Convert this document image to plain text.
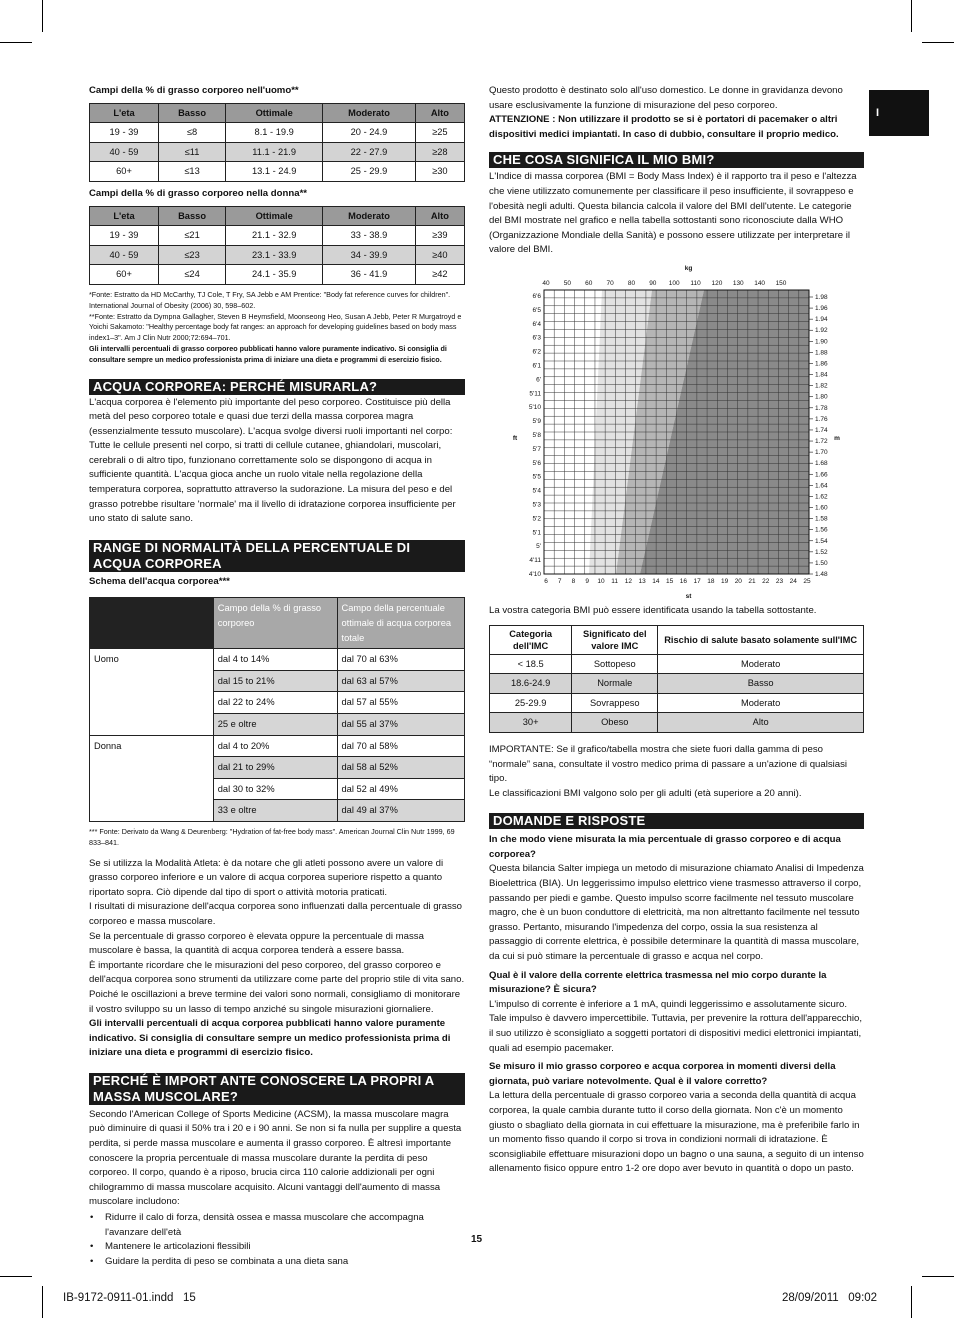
I

Campi della % di grasso corporeo nell'uomo**

L'eta	Basso	Ottimale	Moderato	Alto
19 - 39	≤8	8.1 - 19.9	20 - 24.9	≥25
40 - 59	≤11	11.1 - 21.9	22 - 27.9	≥28
60+	≤13	13.1 - 24.9	25 - 29.9	≥30

Campi della % di grasso corporeo nella donna**

L'eta	Basso	Ottimale	Moderato	Alto
19 - 39	≤21	21.1 - 32.9	33 - 38.9	≥39
40 - 59	≤23	23.1 - 33.9	34 - 39.9	≥40
60+	≤24	24.1 - 35.9	36 - 41.9	≥42

*Fonte: Estratto da HD McCarthy, TJ Cole, T Fry, SA Jebb e AM Prentice: "Body fat reference curves for children". International Journal of Obesity (2006) 30, 598–602.

**Fonte: Estratto da Dympna Gallagher, Steven B Heymsfield, Moonseong Heo, Susan A Jebb, Peter R Murgatroyd e Yoichi Sakamoto: "Healthy percentage body fat ranges: an approach for developing guidelines based on body mass index1–3". Am J Clin Nutr 2000;72:694–701.

Gli intervalli percentuali di grasso corporeo pubblicati hanno valore puramente indicativo. Si consiglia di consultare sempre un medico professionista prima di iniziare una dieta e programmi di esercizio fisico.

ACQUA CORPOREA: PERCHÉ MISURARLA?

L'acqua corporea è l'elemento più importante del peso corporeo. Costituisce più della metà del peso corporeo totale e quasi due terzi della massa corporea magra (essenzialmente tessuto muscolare). L'acqua svolge diversi ruoli importanti nel corpo: Tutte le cellule presenti nel corpo, si tratti di cellule cutanee, ghiandolari, muscolari, cerebrali o di altro tipo, funzionano correttamente solo se dispongono di acqua in sufficiente quantità. L'acqua gioca anche un ruolo vitale nella regolazione della temperatura corporea, soprattutto attraverso la sudorazione. La misura del peso e del grasso potrebbe risultare 'normale' ma il livello di idratazione corporea insufficiente per uno stato di salute sano.

RANGE DI NORMALITÀ DELLA PERCENTUALE DI ACQUA CORPOREA

Schema dell'acqua corporea***

	Campo della % di grasso corporeo	Campo della percentuale ottimale di acqua corporea totale
Uomo	dal 4 to 14%	dal 70 al 63%
	dal 15 to 21%	dal 63 al 57%
	dal 22 to 24%	dal 57 al 55%
	25 e oltre	dal 55 al 37%
Donna	dal 4 to 20%	dal 70 al 58%
	dal 21 to 29%	dal 58 al 52%
	dal 30 to 32%	dal 52 al 49%
	33 e oltre	dal 49 al 37%

*** Fonte: Derivato da Wang & Deurenberg: "Hydration of fat-free body mass". American Journal Clin Nutr 1999, 69 833–841.

Se si utilizza la Modalità Atleta: è da notare che gli atleti possono avere un valore di grasso corporeo inferiore e un valore di acqua corporea superiore rispetto a quanto riportato sopra. Ciò dipende dal tipo di sport o attività motoria praticati.

I risultati di misurazione dell'acqua corporea sono influenzati dalla percentuale di grasso corporeo e massa muscolare.

Se la percentuale di grasso corporeo è elevata oppure la percentuale di massa muscolare è bassa, la quantità di acqua corporea tenderà a essere bassa.

È importante ricordare che le misurazioni del peso corporeo, del grasso corporeo e dell'acqua corporea sono strumenti da utilizzare come parte del proprio stile di vita sano. Poiché le oscillazioni a breve termine dei valori sono normali, consigliamo di monitorare il vostro sviluppo su un lasso di tempo anziché su singole misurazioni giornaliere.

Gli intervalli percentuali di acqua corporea pubblicati hanno valore puramente indicativo. Si consiglia di consultare sempre un medico professionista prima di iniziare una dieta e programmi di esercizio fisico.

PERCHÉ È IMPORT ANTE CONOSCERE LA PROPRI A MASSA MUSCOLARE?

Secondo l'American College of Sports Medicine (ACSM), la massa muscolare magra può diminuire di quasi il 50% tra i 20 e i 90 anni. Se non si fa nulla per supplire a questa perdita, si perde massa muscolare e aumenta il grasso corporeo. È altresì importante conoscere la propria percentuale di massa muscolare durante la perdita di peso corporeo. Il corpo, quando è a riposo, brucia circa 110 calorie addizionali per ogni chilogrammo di massa muscolare acquisito. Alcuni vantaggi dell'aumento di massa muscolare includono:

• Ridurre il calo di forza, densità ossea e massa muscolare che accompagna l'avanzare dell'età
• Mantenere le articolazioni flessibili
• Guidare la perdita di peso se combinata a una dieta sana

Questo prodotto è destinato solo all'uso domestico. Le donne in gravidanza devono usare esclusivamente la funzione di misurazione del peso corporeo.

ATTENZIONE : Non utilizzare il prodotto se si è portatori di pacemaker o altri dispositivi medici impiantati. In caso di dubbio, consultare il proprio medico.

CHE COSA SIGNIFICA IL MIO BMI?

L'Indice di massa corporea (BMI = Body Mass Index) è il rapporto tra il peso e l'altezza che viene utilizzato comunemente per classificare il peso insufficiente, il sovrappeso e l'obesità negli adulti. Questa bilancia calcola il valore del BMI dell'utente. Le categorie del BMI mostrate nel grafico e nella tabella sottostanti sono riconosciute dalla WHO (Organizzazione Mondiale della Sanità) e possono essere utilizzate per interpretare il valore del BMI.

kg
st
ft	m
40 50 60 70 80 90 100 110 120 130 140 150
6 7 8 9 10 11 12 13 14 15 16 17 18 19 20 21 22 23 24 25
6'6
6'5
6'4
6'3
6'2
6'1
6'
5'11
5'10
5'9
5'8
5'7
5'6
5'5
5'4
5'3
5'2
5'1
5'
4'11
4'10
1.98
1.96
1.94
1.92
1.90
1.88
1.86
1.84
1.82
1.80
1.78
1.76
1.74
1.72
1.70
1.68
1.66
1.64
1.62
1.60
1.58
1.56
1.54
1.52
1.50
1.48

La vostra categoria BMI può essere identificata usando la tabella sottostante.

Categoria dell'IMC	Significato del valore IMC	Rischio di salute basato solamente sull'IMC
< 18.5	Sottopeso	Moderato
18.6-24.9	Normale	Basso
25-29.9	Sovrappeso	Moderato
30+	Obeso	Alto

IMPORTANTE: Se il grafico/tabella mostra che siete fuori dalla gamma di peso “normale” sana, consultate il vostro medico prima di passare a un'azione di qualsiasi tipo.

Le classificazioni BMI valgono solo per gli adulti (età superiore a 20 anni).

DOMANDE E RISPOSTE

In che modo viene misurata la mia percentuale di grasso corporeo e di acqua corporea?

Questa bilancia Salter impiega un metodo di misurazione chiamato Analisi di Impedenza Bioelettrica (BIA). Un leggerissimo impulso elettrico viene trasmesso attraverso il corpo, passando per piedi e gambe. Questo impulso scorre facilmente nel tessuto muscolare magro, che è un buon conduttore di elettricità, ma non altrettanto facilmente nel tessuto grasso. Pertanto, misurando l'impedenza del corpo, ossia la sua resistenza al passaggio di corrente elettrica, è possibile determinare la quantità di massa muscolare, da cui si può stimare la percentuale di grasso e acqua nel corpo.

Qual è il valore della corrente elettrica trasmessa nel mio corpo durante la misurazione? È sicura?

L'impulso di corrente è inferiore a 1 mA, quindi leggerissimo e assolutamente sicuro. Tale impulso è davvero impercettibile. Tuttavia, per prevenire la rottura dell'apparecchio, il suo utilizzo è sconsigliato a soggetti portatori di dispositivi medici elettronici impiantati, quali ad esempio pacemaker.

Se misuro il mio grasso corporeo e acqua corporea in momenti diversi della giornata, può variare notevolmente. Qual è il valore corretto?

La lettura della percentuale di grasso corporeo varia a seconda della quantità di acqua corporea, la quale cambia durante tutto il corso della giornata. Non c'è un momento giusto o sbagliato della giornata in cui effettuare la misurazione, ma è preferibile farlo in un momento fisso quando il corpo si trova in condizioni normali di idratazione. È sconsigliabile effettuare misurazioni dopo un bagno o una sauna, a seguito di un intenso allenamento fisico oppure entro 1-2 ore dopo aver bevuto in quantità o dopo un pasto.

15
IB-9172-0911-01.indd   15	28/09/2011   09:02
